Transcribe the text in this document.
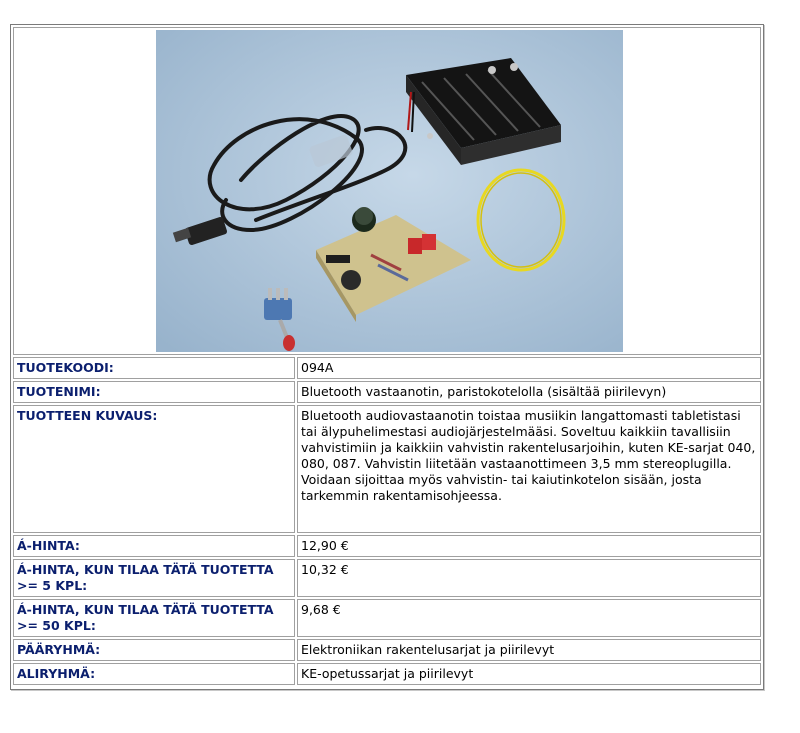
TUOTEKOODI:	094A
TUOTENIMI:	Bluetooth vastaanotin, paristokotelolla (sisältää piirilevyn)
TUOTTEEN KUVAUS:	Bluetooth audiovastaanotin toistaa musiikin langattomasti tabletistasi tai älypuhelimestasi audiojärjestelmääsi. Soveltuu kaikkiin tavallisiin vahvistimiin ja kaikkiin vahvistin rakentelusarjoihin, kuten KE-sarjat 040, 080, 087. Vahvistin liitetään vastaanottimeen 3,5 mm stereoplugilla. Voidaan sijoittaa myös vahvistin- tai kaiutinkotelon sisään, josta tarkemmin rakentamisohjeessa.
Á-HINTA:	12,90 €
Á-HINTA, KUN TILAA TÄTÄ TUOTETTA >= 5 KPL:
10,32 €
Á-HINTA, KUN TILAA TÄTÄ TUOTETTA >= 50 KPL:
9,68 €
PÄÄRYHMÄ:	Elektroniikan rakentelusarjat ja piirilevyt
ALIRYHMÄ:	KE-opetussarjat ja piirilevyt
